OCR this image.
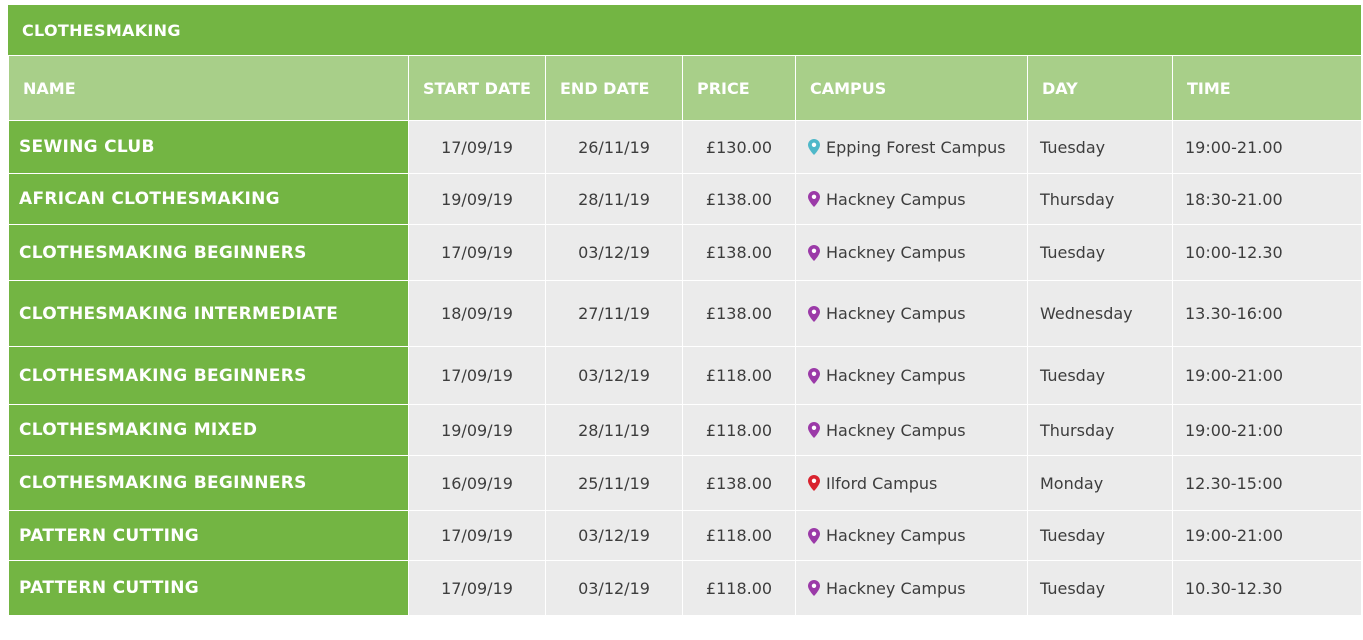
CLOTHESMAKING
NAME	START DATE	END DATE	PRICE	CAMPUS	DAY	TIME
SEWING CLUB	17/09/19	26/11/19	£130.00	Epping Forest Campus	Tuesday	19:00-21.00
AFRICAN CLOTHESMAKING	19/09/19	28/11/19	£138.00	Hackney Campus	Thursday	18:30-21.00
CLOTHESMAKING BEGINNERS	17/09/19	03/12/19	£138.00	Hackney Campus	Tuesday	10:00-12.30
CLOTHESMAKING INTERMEDIATE	18/09/19	27/11/19	£138.00	Hackney Campus	Wednesday	13.30-16:00
CLOTHESMAKING BEGINNERS	17/09/19	03/12/19	£118.00	Hackney Campus	Tuesday	19:00-21:00
CLOTHESMAKING MIXED	19/09/19	28/11/19	£118.00	Hackney Campus	Thursday	19:00-21:00
CLOTHESMAKING BEGINNERS	16/09/19	25/11/19	£138.00	Ilford Campus	Monday	12.30-15:00
PATTERN CUTTING	17/09/19	03/12/19	£118.00	Hackney Campus	Tuesday	19:00-21:00
PATTERN CUTTING	17/09/19	03/12/19	£118.00	Hackney Campus	Tuesday	10.30-12.30
